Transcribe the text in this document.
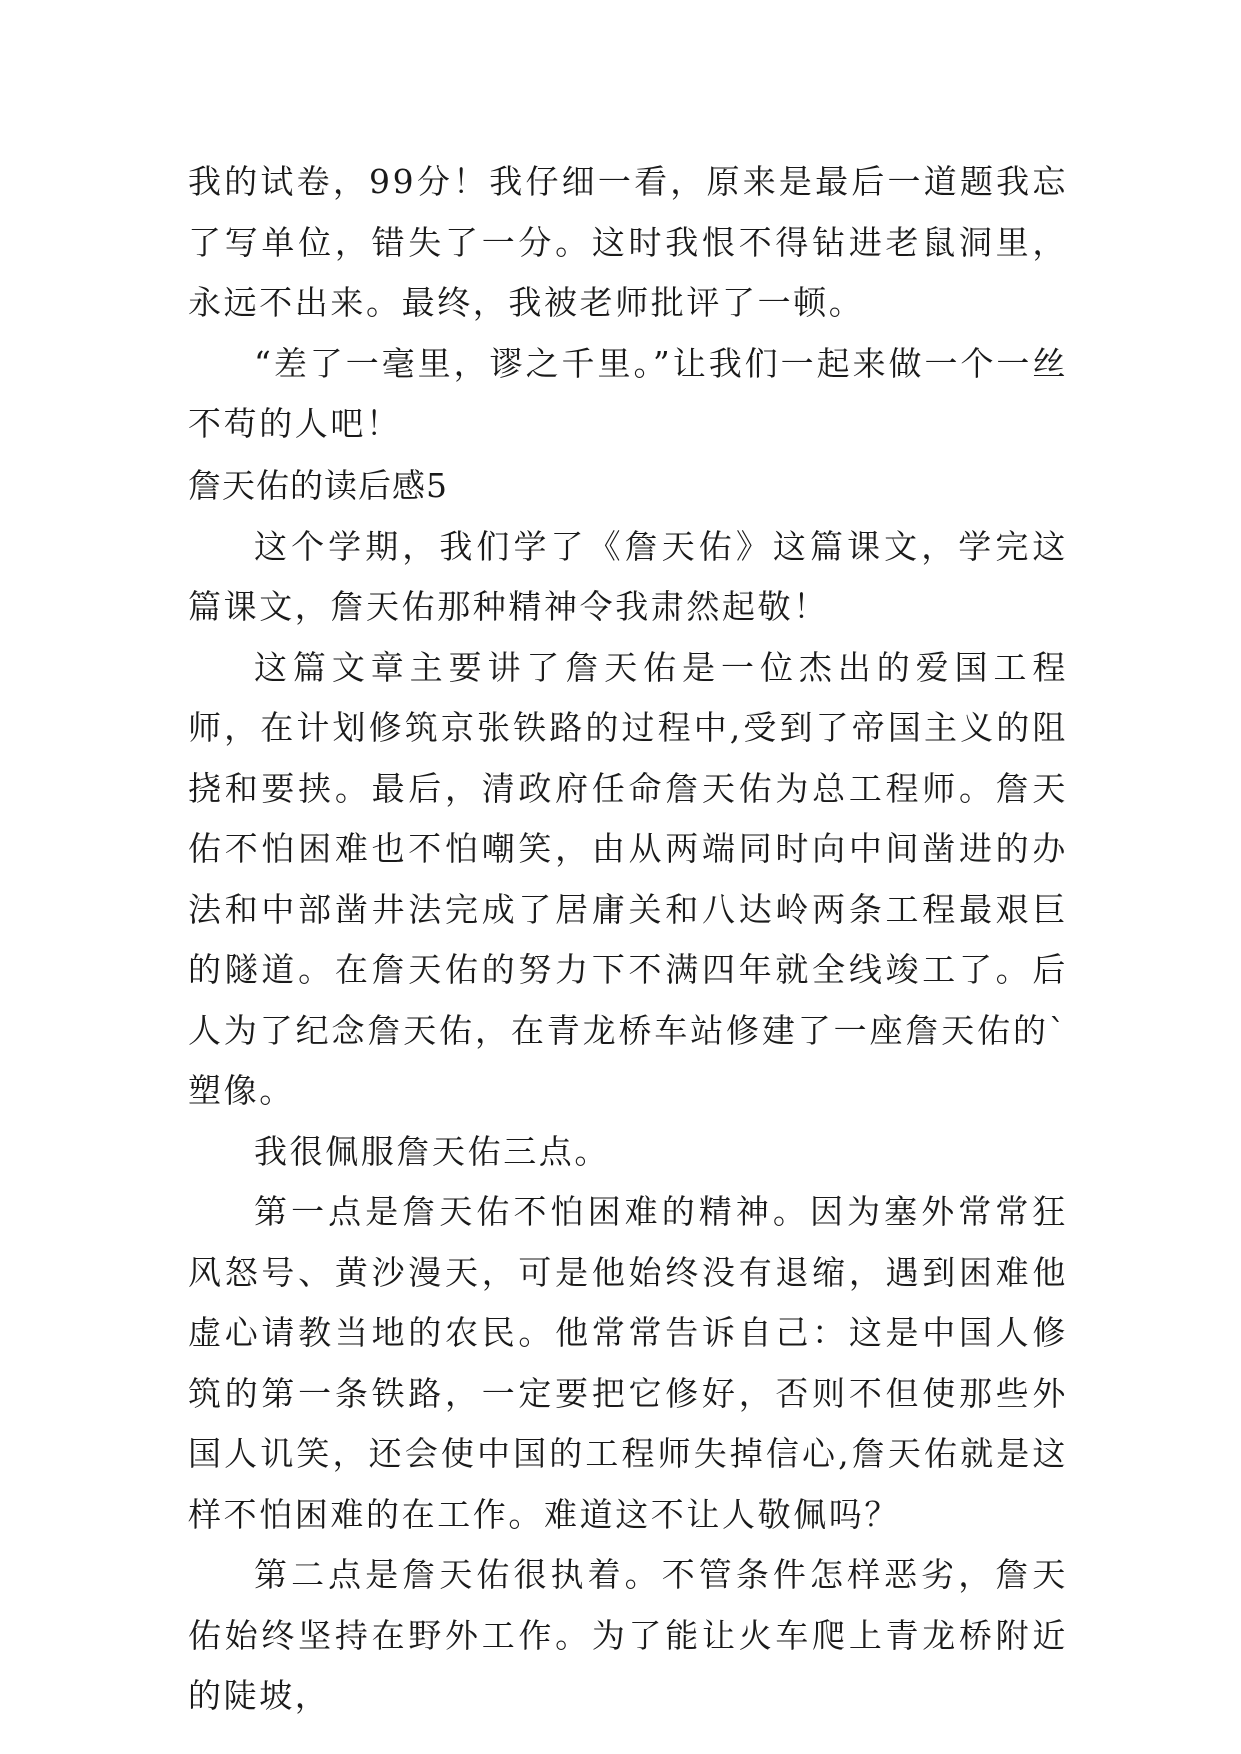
我的试卷，99分！我仔细一看，原来是最后一道题我忘了写单位，错失了一分。这时我恨不得钻进老鼠洞里，永远不出来。最终，我被老师批评了一顿。

“差了一毫里，谬之千里。”让我们一起来做一个一丝不苟的人吧！

詹天佑的读后感5

这个学期，我们学了《詹天佑》这篇课文，学完这篇课文，詹天佑那种精神令我肃然起敬！

这篇文章主要讲了詹天佑是一位杰出的爱国工程师，在计划修筑京张铁路的过程中,受到了帝国主义的阻挠和要挟。最后，清政府任命詹天佑为总工程师。詹天佑不怕困难也不怕嘲笑，由从两端同时向中间凿进的办法和中部凿井法完成了居庸关和八达岭两条工程最艰巨的隧道。在詹天佑的努力下不满四年就全线竣工了。后人为了纪念詹天佑，在青龙桥车站修建了一座詹天佑的`塑像。

我很佩服詹天佑三点。

第一点是詹天佑不怕困难的精神。因为塞外常常狂风怒号、黄沙漫天，可是他始终没有退缩，遇到困难他虚心请教当地的农民。他常常告诉自己：这是中国人修筑的第一条铁路，一定要把它修好，否则不但使那些外国人讥笑，还会使中国的工程师失掉信心,詹天佑就是这样不怕困难的在工作。难道这不让人敬佩吗？

第二点是詹天佑很执着。不管条件怎样恶劣，詹天佑始终坚持在野外工作。为了能让火车爬上青龙桥附近的陡坡，
